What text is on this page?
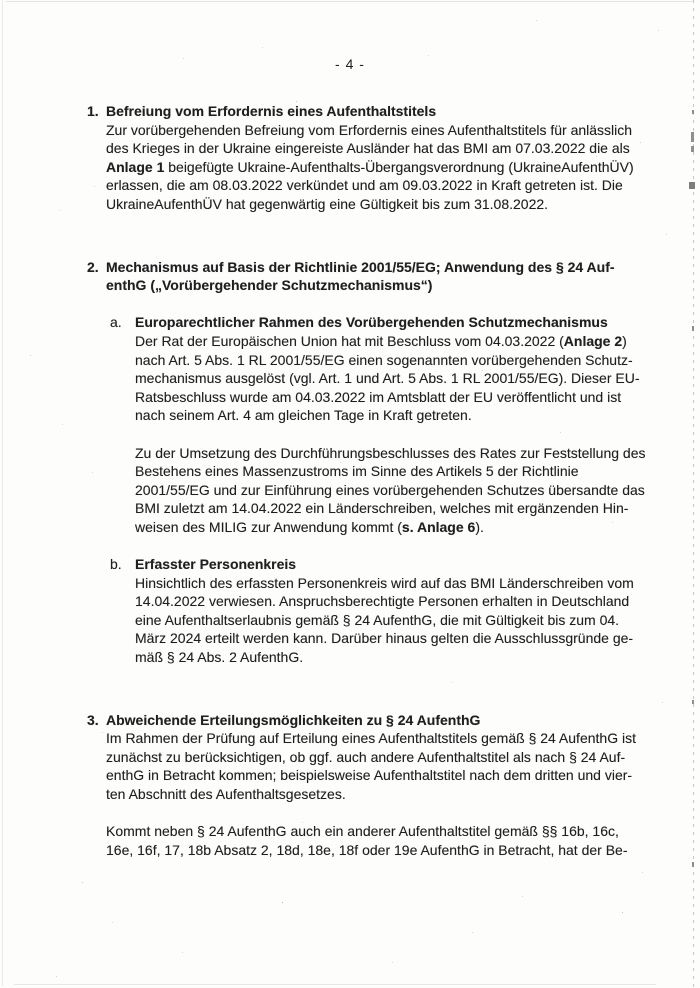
- 4 -
1. Befreiung vom Erfordernis eines Aufenthaltstitels
Zur vorübergehenden Befreiung vom Erfordernis eines Aufenthaltstitels für anlässlich
des Krieges in der Ukraine eingereiste Ausländer hat das BMI am 07.03.2022 die als
Anlage 1 beigefügte Ukraine-Aufenthalts-Übergangsverordnung (UkraineAufenthÜV)
erlassen, die am 08.03.2022 verkündet und am 09.03.2022 in Kraft getreten ist. Die
UkraineAufenthÜV hat gegenwärtig eine Gültigkeit bis zum 31.08.2022.
2. Mechanismus auf Basis der Richtlinie 2001/55/EG; Anwendung des § 24 Auf-
enthG („Vorübergehender Schutzmechanismus“)
a. Europarechtlicher Rahmen des Vorübergehenden Schutzmechanismus
Der Rat der Europäischen Union hat mit Beschluss vom 04.03.2022 (Anlage 2)
nach Art. 5 Abs. 1 RL 2001/55/EG einen sogenannten vorübergehenden Schutz-
mechanismus ausgelöst (vgl. Art. 1 und Art. 5 Abs. 1 RL 2001/55/EG). Dieser EU-
Ratsbeschluss wurde am 04.03.2022 im Amtsblatt der EU veröffentlicht und ist
nach seinem Art. 4 am gleichen Tage in Kraft getreten.
Zu der Umsetzung des Durchführungsbeschlusses des Rates zur Feststellung des
Bestehens eines Massenzustroms im Sinne des Artikels 5 der Richtlinie
2001/55/EG und zur Einführung eines vorübergehenden Schutzes übersandte das
BMI zuletzt am 14.04.2022 ein Länderschreiben, welches mit ergänzenden Hin-
weisen des MILIG zur Anwendung kommt (s. Anlage 6).
b. Erfasster Personenkreis
Hinsichtlich des erfassten Personenkreis wird auf das BMI Länderschreiben vom
14.04.2022 verwiesen. Anspruchsberechtigte Personen erhalten in Deutschland
eine Aufenthaltserlaubnis gemäß § 24 AufenthG, die mit Gültigkeit bis zum 04.
März 2024 erteilt werden kann. Darüber hinaus gelten die Ausschlussgründe ge-
mäß § 24 Abs. 2 AufenthG.
3. Abweichende Erteilungsmöglichkeiten zu § 24 AufenthG
Im Rahmen der Prüfung auf Erteilung eines Aufenthaltstitels gemäß § 24 AufenthG ist
zunächst zu berücksichtigen, ob ggf. auch andere Aufenthaltstitel als nach § 24 Auf-
enthG in Betracht kommen; beispielsweise Aufenthaltstitel nach dem dritten und vier-
ten Abschnitt des Aufenthaltsgesetzes.
Kommt neben § 24 AufenthG auch ein anderer Aufenthaltstitel gemäß §§ 16b, 16c,
16e, 16f, 17, 18b Absatz 2, 18d, 18e, 18f oder 19e AufenthG in Betracht, hat der Be-
